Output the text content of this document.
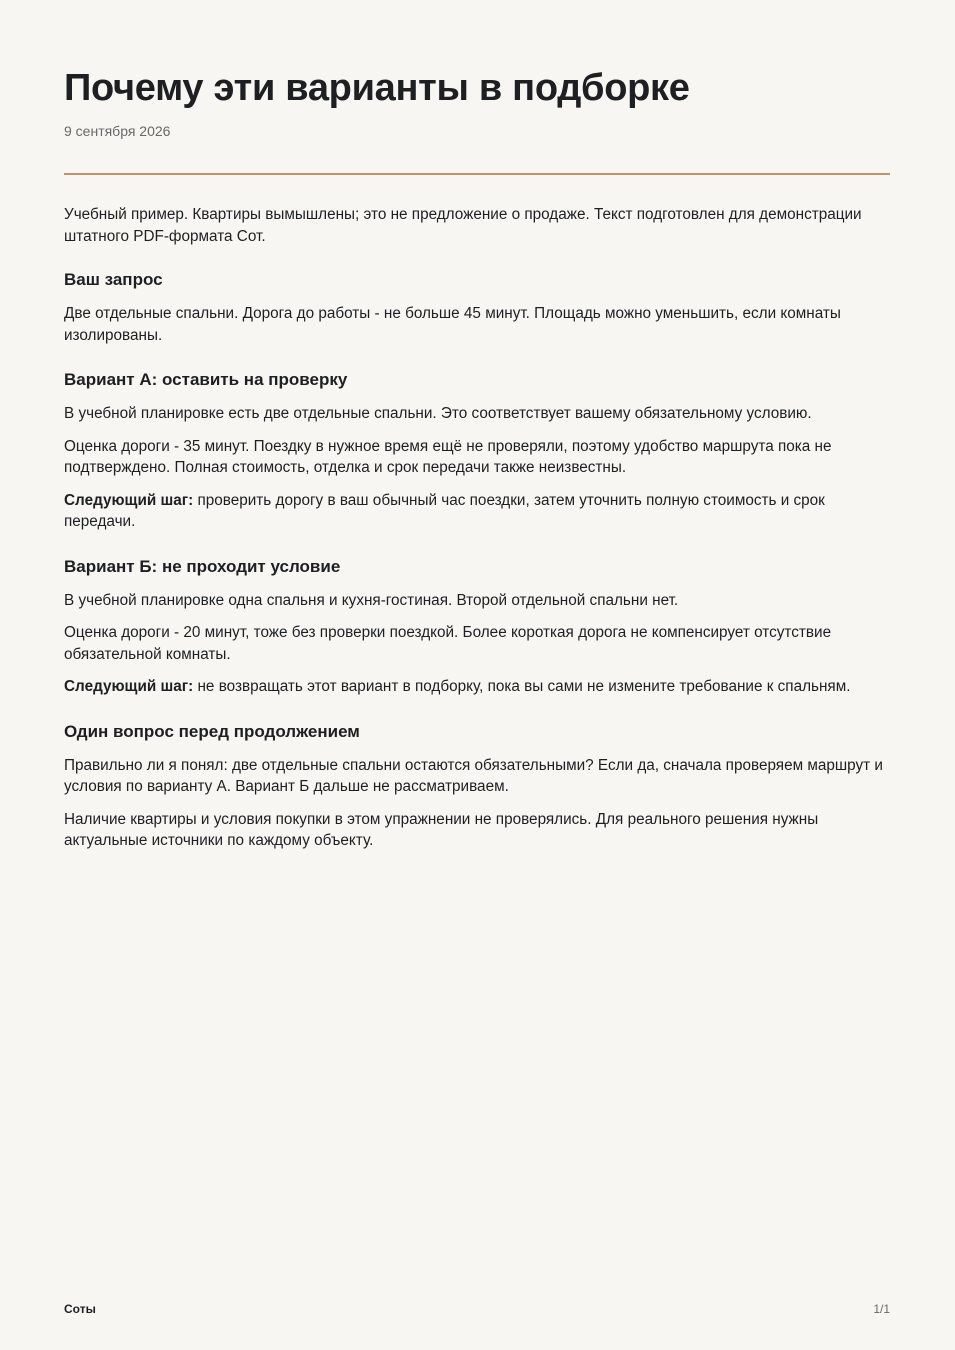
Почему эти варианты в подборке
9 сентября 2026

Учебный пример. Квартиры вымышлены; это не предложение о продаже. Текст подготовлен для демонстрации штатного PDF-формата Сот.

Ваш запрос

Две отдельные спальни. Дорога до работы - не больше 45 минут. Площадь можно уменьшить, если комнаты изолированы.

Вариант А: оставить на проверку

В учебной планировке есть две отдельные спальни. Это соответствует вашему обязательному условию.

Оценка дороги - 35 минут. Поездку в нужное время ещё не проверяли, поэтому удобство маршрута пока не подтверждено. Полная стоимость, отделка и срок передачи также неизвестны.

Следующий шаг: проверить дорогу в ваш обычный час поездки, затем уточнить полную стоимость и срок передачи.

Вариант Б: не проходит условие

В учебной планировке одна спальня и кухня-гостиная. Второй отдельной спальни нет.

Оценка дороги - 20 минут, тоже без проверки поездкой. Более короткая дорога не компенсирует отсутствие обязательной комнаты.

Следующий шаг: не возвращать этот вариант в подборку, пока вы сами не измените требование к спальням.

Один вопрос перед продолжением

Правильно ли я понял: две отдельные спальни остаются обязательными? Если да, сначала проверяем маршрут и условия по варианту А. Вариант Б дальше не рассматриваем.

Наличие квартиры и условия покупки в этом упражнении не проверялись. Для реального решения нужны актуальные источники по каждому объекту.

Соты	1/1
